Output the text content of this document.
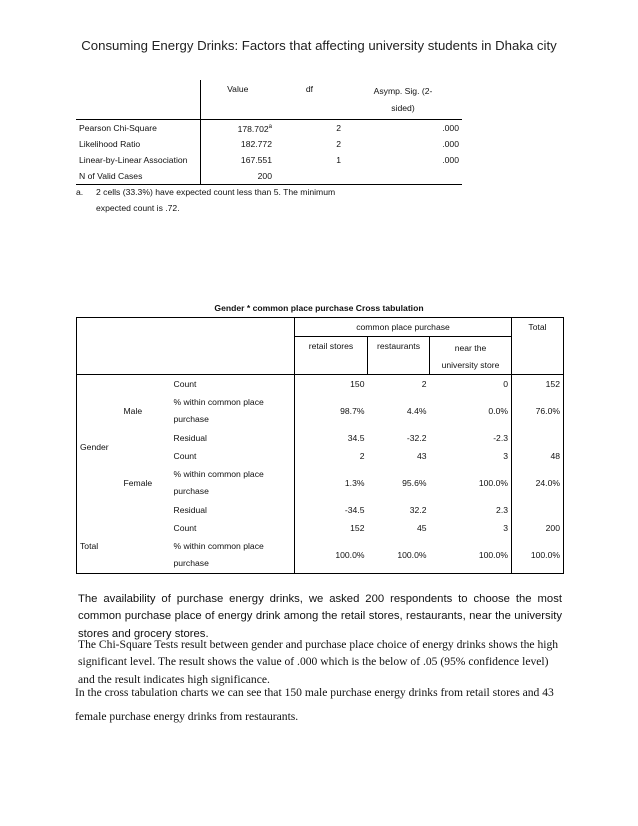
Consuming Energy Drinks: Factors that affecting university students in Dhaka city
	Value	df	Asymp. Sig. (2-
sided)
Pearson Chi-Square	178.702$^a$	2	.000
Likelihood Ratio	182.772	2	.000
Linear-by-Linear Association	167.551	1	.000
N of Valid Cases	200		
a. 2 cells (33.3%) have expected count less than 5. The minimum
expected count is .72.
Gender * common place purchase Cross tabulation
			common place purchase			Total
			retail stores	restaurants	near the
university store	
Gender	Male	Count	150	2	0	152
		% within common place
purchase	98.7%	4.4%	0.0%	76.0%
		Residual	34.5	-32.2	-2.3	
	Female	Count	2	43	3	48
		% within common place
purchase	1.3%	95.6%	100.0%	24.0%
		Residual	-34.5	32.2	2.3	
Total		Count	152	45	3	200
		% within common place
purchase	100.0%	100.0%	100.0%	100.0%

The availability of purchase energy drinks, we asked 200 respondents to choose the most common purchase place of energy drink among the retail stores, restaurants, near the university stores and grocery stores.

The Chi-Square Tests result between gender and purchase place choice of energy drinks shows the high significant level. The result shows the value of .000 which is the below of .05 (95% confidence level) and the result indicates high significance.

In the cross tabulation charts we can see that 150 male purchase energy drinks from retail stores and 43 female purchase energy drinks from restaurants.
